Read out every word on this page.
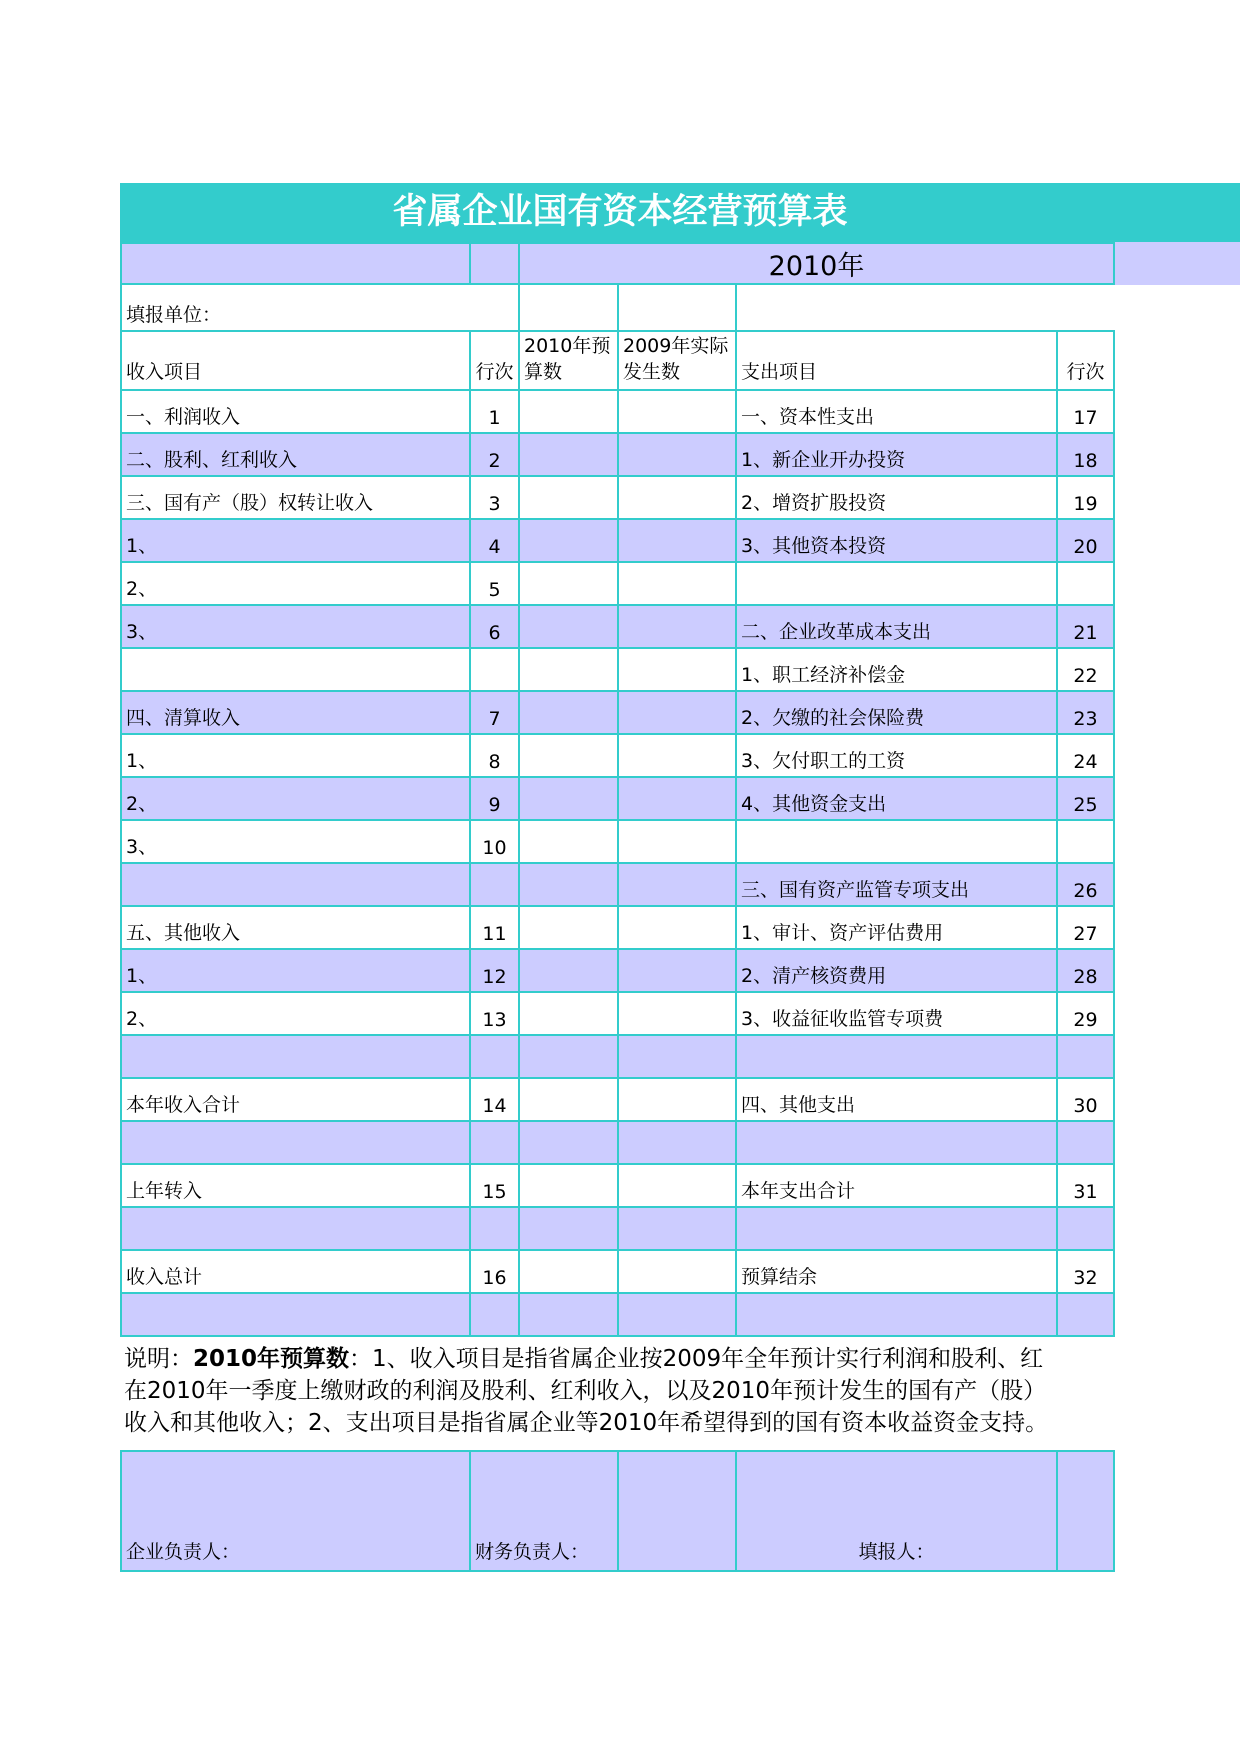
省属企业国有资本经营预算表
		2010年			
填报单位：					
收入项目	行次	2010年预算数	2009年实际发生数	支出项目	行次
一、利润收入	1			一、资本性支出	17
二、股利、红利收入	2			1、新企业开办投资	18
三、国有产（股）权转让收入	3			2、增资扩股投资	19
1、	4			3、其他资本投资	20
2、	5				
3、	6			二、企业改革成本支出	21
				1、职工经济补偿金	22
四、清算收入	7			2、欠缴的社会保险费	23
1、	8			3、欠付职工的工资	24
2、	9			4、其他资金支出	25
3、	10				
				三、国有资产监管专项支出	26
五、其他收入	11			1、审计、资产评估费用	27
1、	12			2、清产核资费用	28
2、	13			3、收益征收监管专项费	29

本年收入合计	14			四、其他支出	30

上年转入	15			本年支出合计	31

收入总计	16			预算结余	32

说明：2010年预算数：1、收入项目是指省属企业按2009年全年预计实行利润和股利、红
在2010年一季度上缴财政的利润及股利、红利收入，以及2010年预计发生的国有产（股）
收入和其他收入；2、支出项目是指省属企业等2010年希望得到的国有资本收益资金支持。
企业负责人：	财务负责人：		填报人：	
